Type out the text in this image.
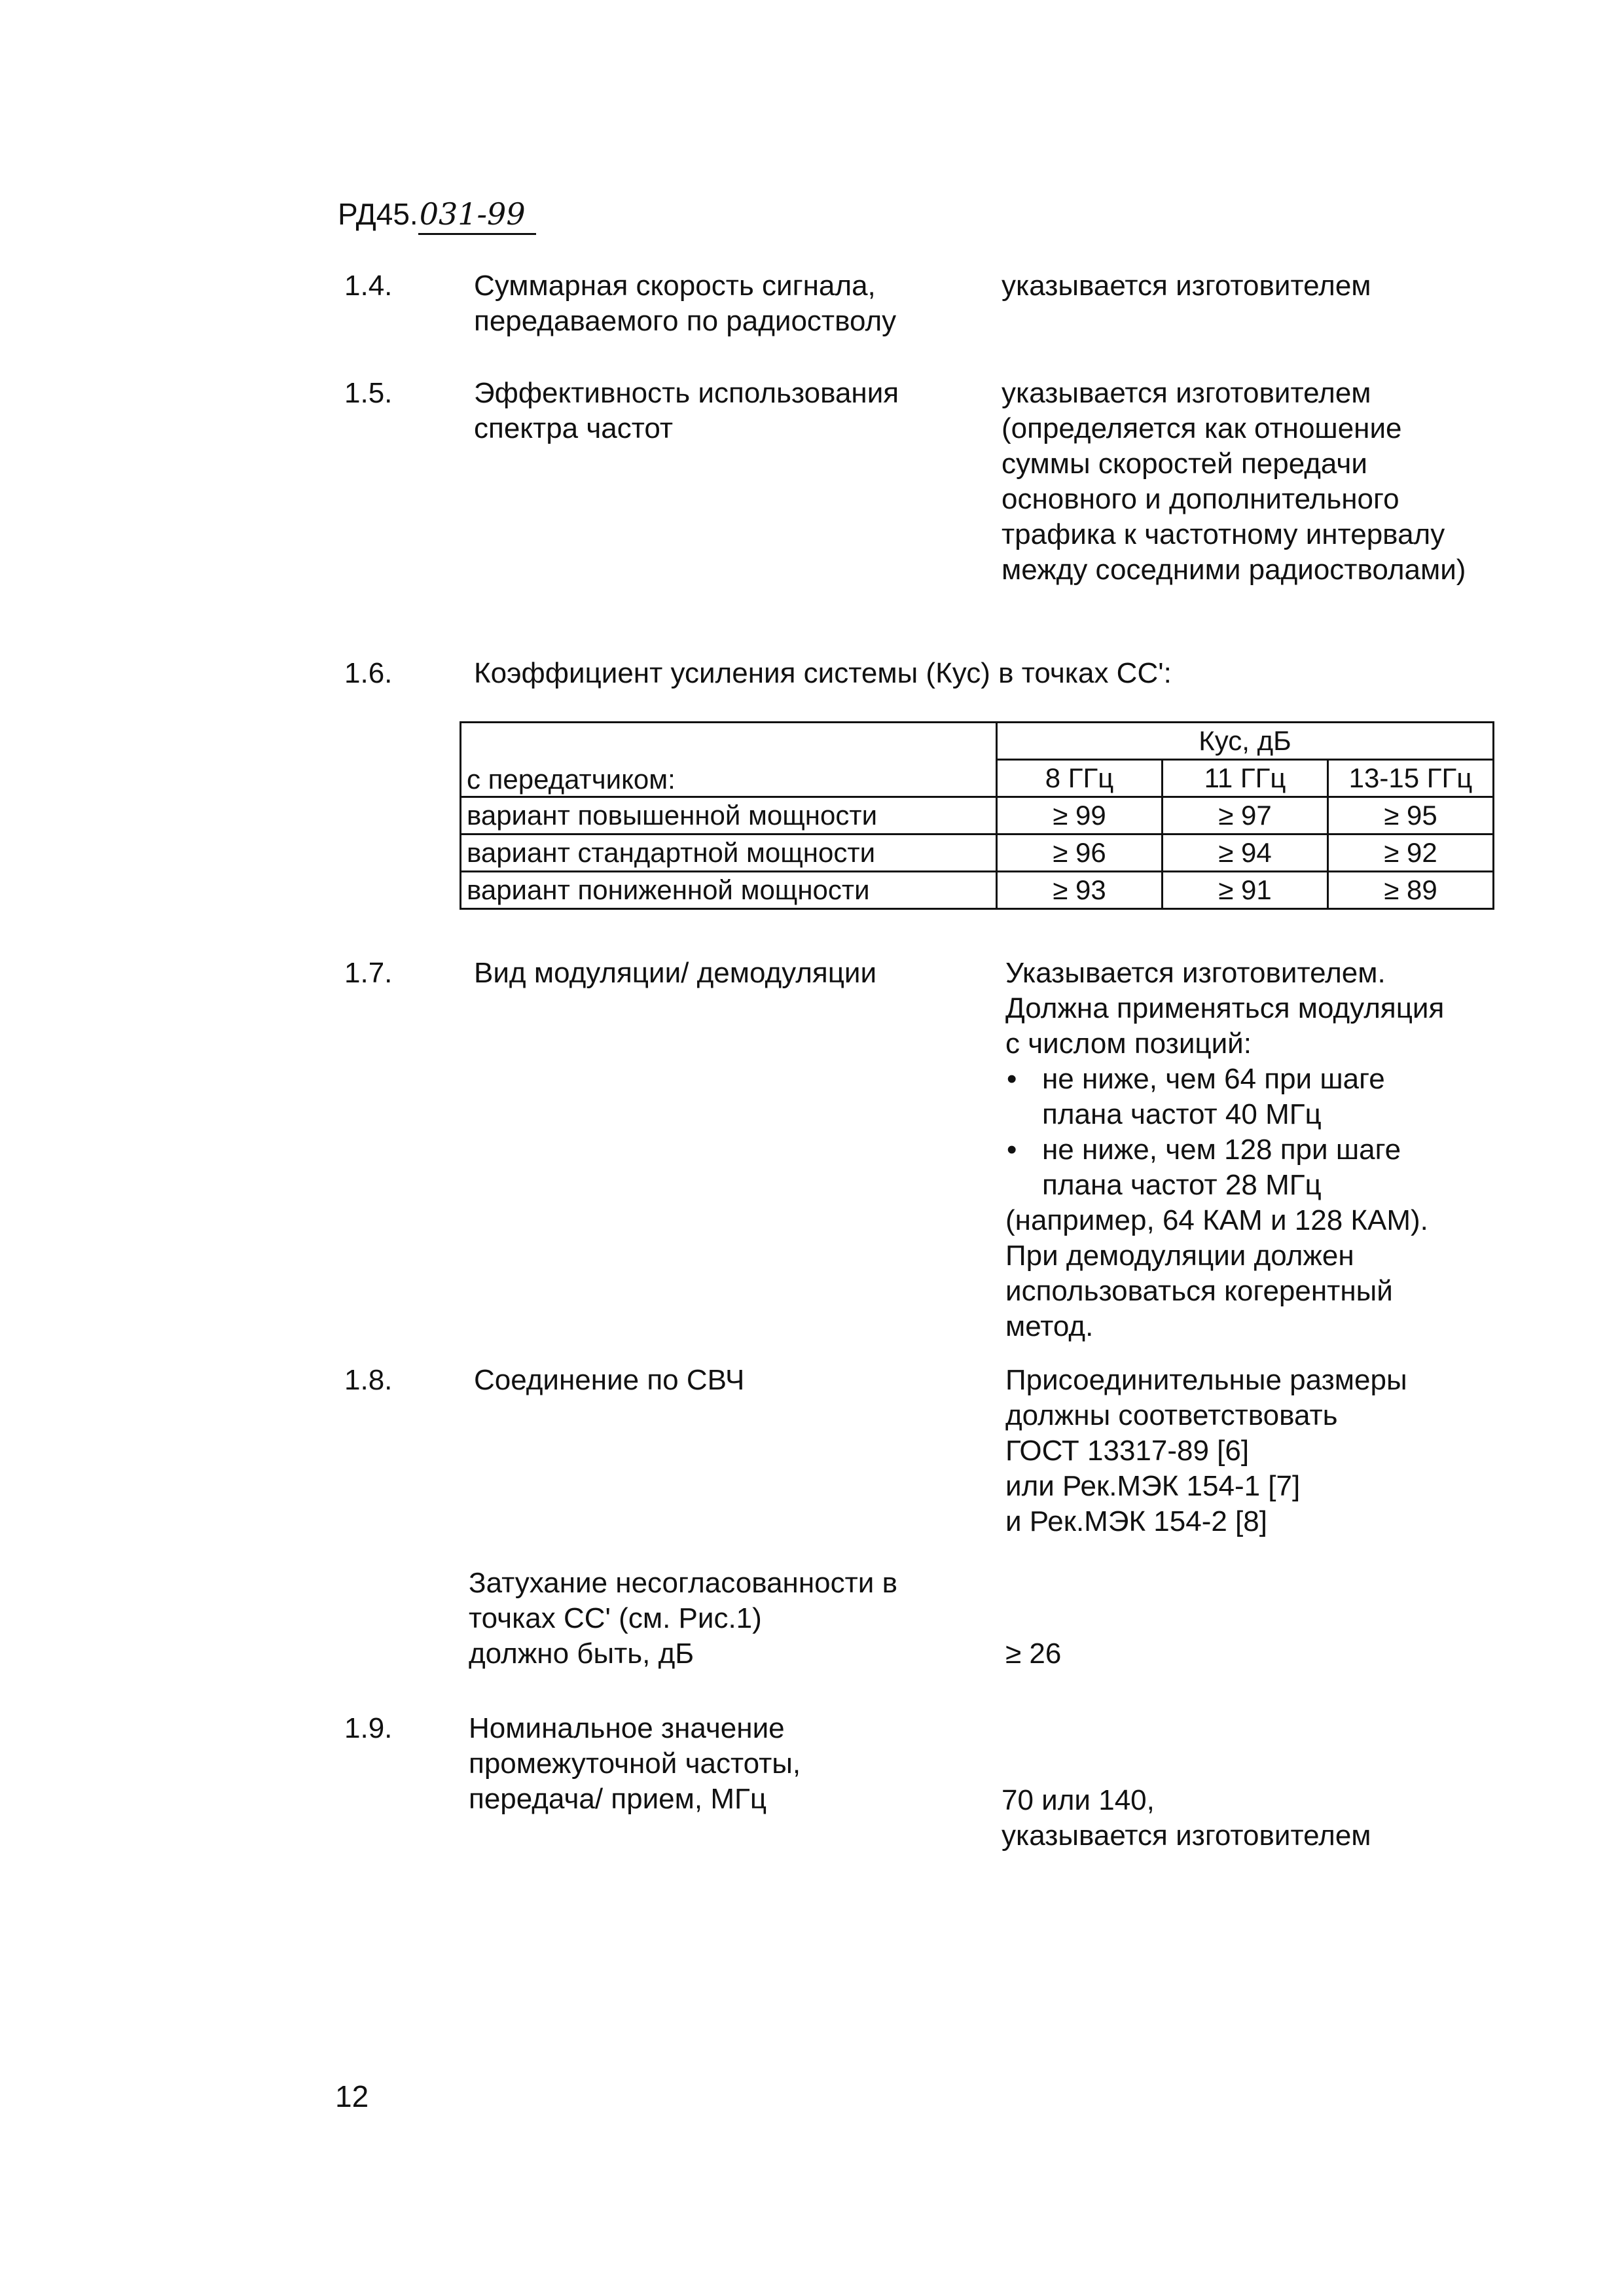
РД45.031-99
1.4.	Суммарная скорость сигнала,
передаваемого по радиостволу
указывается изготовителем
1.5.	Эффективность использования
спектра частот
указывается изготовителем
(определяется как отношение
суммы скоростей передачи
основного и дополнительного
трафика к частотному интервалу
между соседними радиостволами)
1.6.	Коэффициент усиления системы (Кус) в точках СС':
с передатчиком:	Кус, дБ		
	8 ГГц	11 ГГц	13-15 ГГц
вариант повышенной мощности	≥ 99	≥ 97	≥ 95
вариант стандартной мощности	≥ 96	≥ 94	≥ 92
вариант пониженной мощности	≥ 93	≥ 91	≥ 89
1.7.	Вид модуляции/ демодуляции	Указывается изготовителем.
Должна применяться модуляция
с числом позиций:
• не ниже, чем 64 при шаге
плана частот 40 МГц
• не ниже, чем 128 при шаге
плана частот 28 МГц
(например, 64 КАМ и 128 КАМ).
При демодуляции должен
использоваться когерентный
метод.
1.8.	Соединение по СВЧ	Присоединительные размеры
должны соответствовать
ГОСТ 13317-89 [6]
или Рек.МЭК 154-1 [7]
и Рек.МЭК 154-2 [8]
Затухание несогласованности в
точках СС' (см. Рис.1)
должно быть, дБ	≥ 26
1.9.	Номинальное значение
промежуточной частоты,
передача/ прием, МГц	70 или 140,
указывается изготовителем
12
